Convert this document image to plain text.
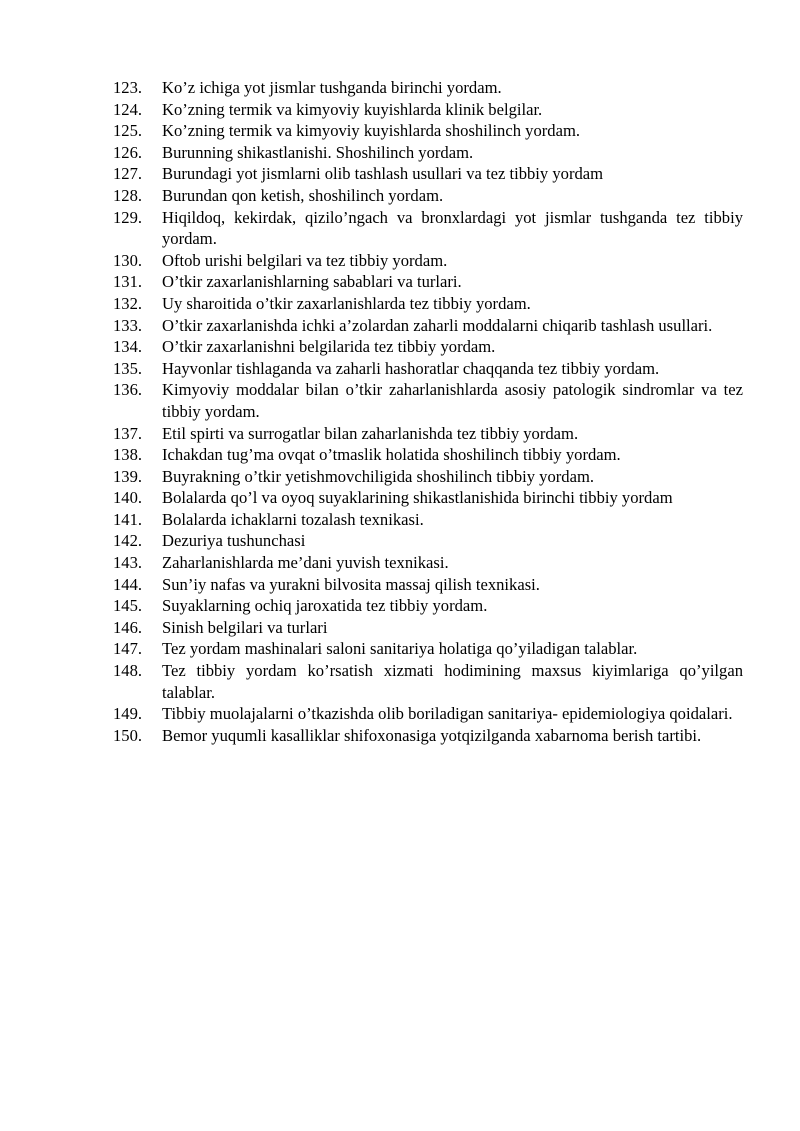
123.	Ko’z ichiga yot jismlar tushganda birinchi yordam.
124.	Ko’zning termik va kimyoviy kuyishlarda klinik belgilar.
125.	Ko’zning termik va kimyoviy kuyishlarda shoshilinch yordam.
126.	Burunning shikastlanishi. Shoshilinch yordam.
127.	Burundagi yot jismlarni olib tashlash usullari va tez tibbiy yordam
128.	Burundan qon ketish, shoshilinch yordam.
129.	Hiqildoq, kekirdak, qizilo’ngach va bronxlardagi yot jismlar tushganda tez tibbiy yordam.
130.	Oftob urishi belgilari va tez tibbiy yordam.
131.	O’tkir zaxarlanishlarning sabablari va turlari.
132.	Uy sharoitida o’tkir zaxarlanishlarda tez tibbiy yordam.
133.	O’tkir zaxarlanishda ichki a’zolardan zaharli moddalarni chiqarib tashlash usullari.
134.	O’tkir zaxarlanishni belgilarida tez tibbiy yordam.
135.	Hayvonlar tishlaganda va zaharli hashoratlar chaqqanda tez tibbiy yordam.
136.	Kimyoviy moddalar bilan o’tkir zaharlanishlarda asosiy patologik sindromlar va tez tibbiy yordam.
137.	Etil spirti va surrogatlar bilan zaharlanishda tez tibbiy yordam.
138.	Ichakdan tug’ma ovqat o’tmaslik holatida shoshilinch tibbiy yordam.
139.	Buyrakning o’tkir yetishmovchiligida shoshilinch tibbiy yordam.
140.	Bolalarda qo’l va oyoq suyaklarining shikastlanishida birinchi tibbiy yordam
141.	Bolalarda ichaklarni tozalash texnikasi.
142.	Dezuriya tushunchasi
143.	Zaharlanishlarda me’dani yuvish texnikasi.
144.	Sun’iy nafas va yurakni bilvosita massaj qilish texnikasi.
145.	Suyaklarning ochiq jaroxatida tez tibbiy yordam.
146.	Sinish belgilari va turlari
147.	Tez yordam mashinalari saloni sanitariya holatiga qo’yiladigan talablar.
148.	Tez tibbiy yordam ko’rsatish xizmati hodimining maxsus kiyimlariga qo’yilgan talablar.
149.	Tibbiy muolajalarni o’tkazishda olib boriladigan sanitariya- epidemiologiya qoidalari.
150.	Bemor yuqumli kasalliklar shifoxonasiga yotqizilganda xabarnoma berish tartibi.
